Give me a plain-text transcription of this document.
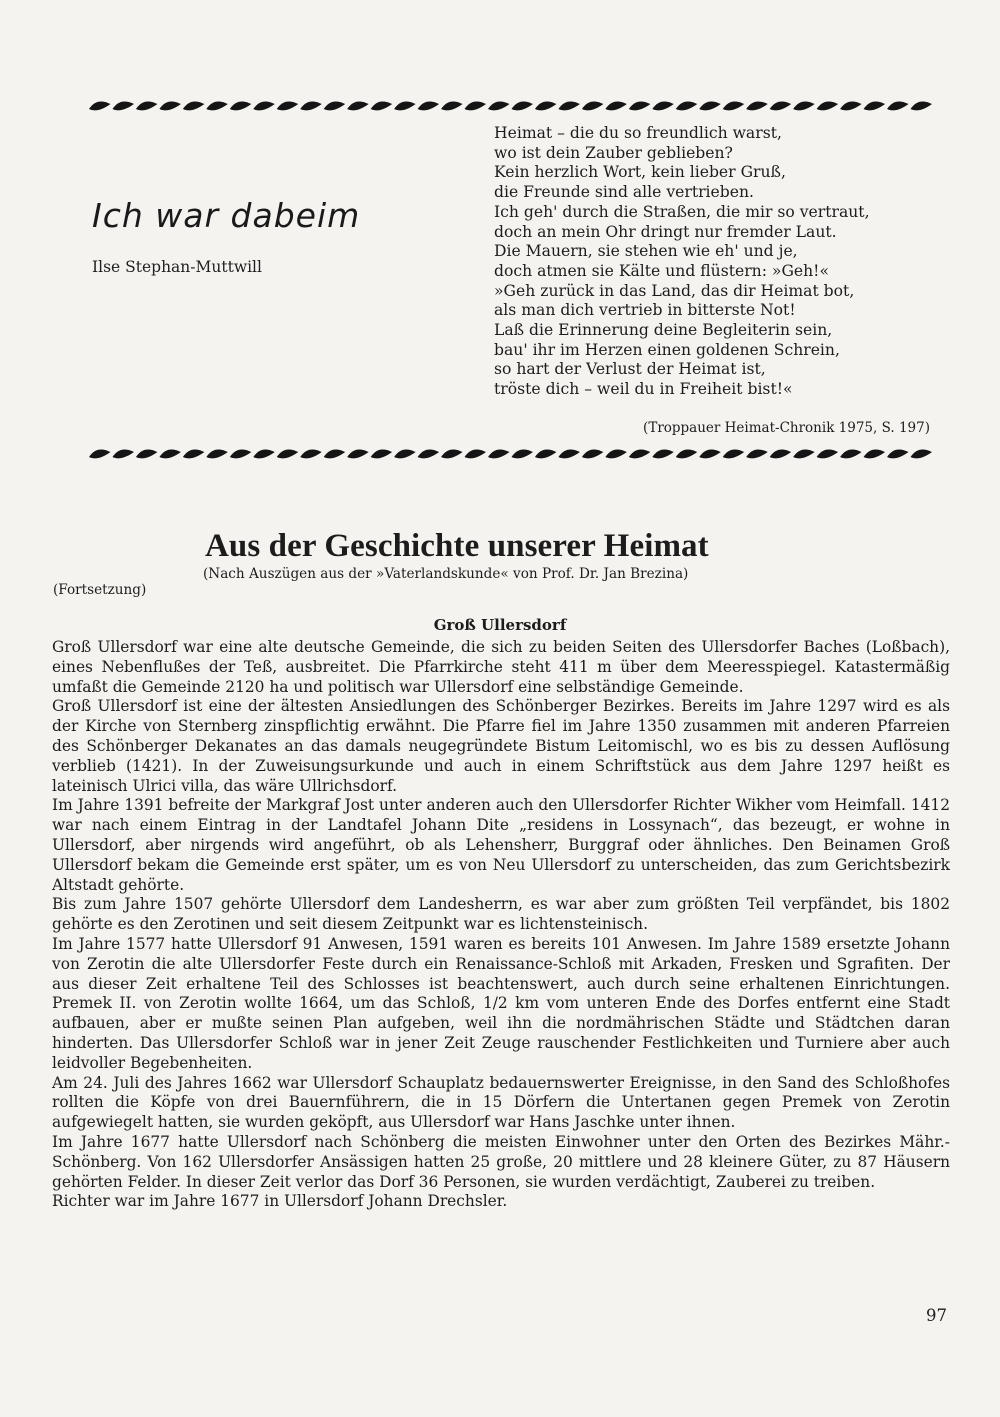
Ich war dabeim
Ilse Stephan-Muttwill
Heimat – die du so freundlich warst,
wo ist dein Zauber geblieben?
Kein herzlich Wort, kein lieber Gruß,
die Freunde sind alle vertrieben.
Ich geh' durch die Straßen, die mir so vertraut,
doch an mein Ohr dringt nur fremder Laut.
Die Mauern, sie stehen wie eh' und je,
doch atmen sie Kälte und flüstern: »Geh!«
»Geh zurück in das Land, das dir Heimat bot,
als man dich vertrieb in bitterste Not!
Laß die Erinnerung deine Begleiterin sein,
bau' ihr im Herzen einen goldenen Schrein,
so hart der Verlust der Heimat ist,
tröste dich – weil du in Freiheit bist!«
(Troppauer Heimat-Chronik 1975, S. 197)
Aus der Geschichte unserer Heimat
(Nach Auszügen aus der »Vaterlandskunde« von Prof. Dr. Jan Brezina)
(Fortsetzung)
Groß Ullersdorf

Groß Ullersdorf war eine alte deutsche Gemeinde, die sich zu beiden Seiten des Ullersdorfer Baches (Loßbach), eines Nebenflußes der Teß, ausbreitet. Die Pfarrkirche steht 411 m über dem Meeresspiegel. Katastermäßig umfaßt die Gemeinde 2120 ha und politisch war Ullersdorf eine selbständige Gemeinde.

Groß Ullersdorf ist eine der ältesten Ansiedlungen des Schönberger Bezirkes. Bereits im Jahre 1297 wird es als der Kirche von Sternberg zinspflichtig erwähnt. Die Pfarre fiel im Jahre 1350 zusammen mit anderen Pfarreien des Schönberger Dekanates an das damals neugegründete Bistum Leitomischl, wo es bis zu dessen Auflösung verblieb (1421). In der Zuweisungsurkunde und auch in einem Schriftstück aus dem Jahre 1297 heißt es lateinisch Ulrici villa, das wäre Ullrichsdorf.

Im Jahre 1391 befreite der Markgraf Jost unter anderen auch den Ullersdorfer Richter Wikher vom Heimfall. 1412 war nach einem Eintrag in der Landtafel Johann Dite „residens in Lossynach“, das bezeugt, er wohne in Ullersdorf, aber nirgends wird angeführt, ob als Lehensherr, Burggraf oder ähnliches. Den Beinamen Groß Ullersdorf bekam die Gemeinde erst später, um es von Neu Ullersdorf zu unterscheiden, das zum Gerichtsbezirk Altstadt gehörte.

Bis zum Jahre 1507 gehörte Ullersdorf dem Landesherrn, es war aber zum größten Teil verpfändet, bis 1802 gehörte es den Zerotinen und seit diesem Zeitpunkt war es lichtensteinisch.

Im Jahre 1577 hatte Ullersdorf 91 Anwesen, 1591 waren es bereits 101 Anwesen. Im Jahre 1589 ersetzte Johann von Zerotin die alte Ullersdorfer Feste durch ein Renaissance-Schloß mit Arkaden, Fresken und Sgrafiten. Der aus dieser Zeit erhaltene Teil des Schlosses ist beachtenswert, auch durch seine erhaltenen Einrichtungen. Premek II. von Zerotin wollte 1664, um das Schloß, 1/2 km vom unteren Ende des Dorfes entfernt eine Stadt aufbauen, aber er mußte seinen Plan aufgeben, weil ihn die nordmährischen Städte und Städtchen daran hinderten. Das Ullersdorfer Schloß war in jener Zeit Zeuge rauschender Festlichkeiten und Turniere aber auch leidvoller Begebenheiten.

Am 24. Juli des Jahres 1662 war Ullersdorf Schauplatz bedauernswerter Ereignisse, in den Sand des Schloßhofes rollten die Köpfe von drei Bauernführern, die in 15 Dörfern die Untertanen gegen Premek von Zerotin aufgewiegelt hatten, sie wurden geköpft, aus Ullersdorf war Hans Jaschke unter ihnen.

Im Jahre 1677 hatte Ullersdorf nach Schönberg die meisten Einwohner unter den Orten des Bezirkes Mähr.-Schönberg. Von 162 Ullersdorfer Ansässigen hatten 25 große, 20 mittlere und 28 kleinere Güter, zu 87 Häusern gehörten Felder. In dieser Zeit verlor das Dorf 36 Personen, sie wurden verdächtigt, Zauberei zu treiben.

Richter war im Jahre 1677 in Ullersdorf Johann Drechsler.

97
